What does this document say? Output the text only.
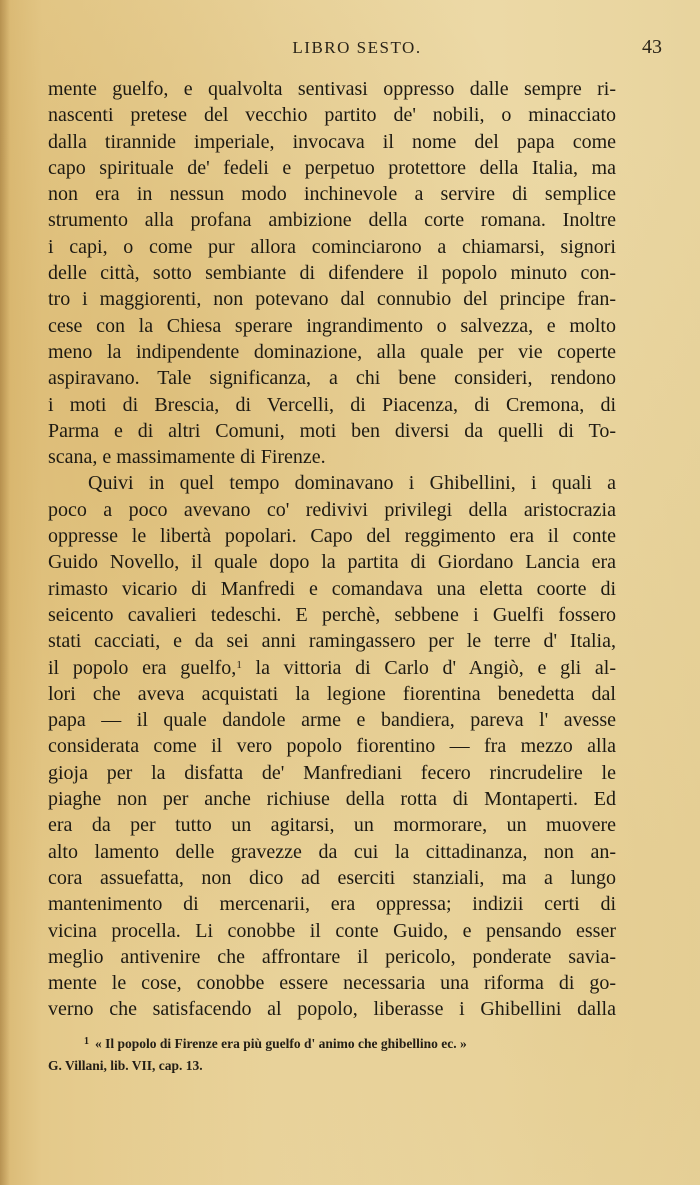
LIBRO SESTO.	43
mente guelfo, e qualvolta sentivasi oppresso dalle sempre ri-
nascenti pretese del vecchio partito de' nobili, o minacciato
dalla tirannide imperiale, invocava il nome del papa come
capo spirituale de' fedeli e perpetuo protettore della Italia, ma
non era in nessun modo inchinevole a servire di semplice
strumento alla profana ambizione della corte romana. Inoltre
i capi, o come pur allora cominciarono a chiamarsi, signori
delle città, sotto sembiante di difendere il popolo minuto con-
tro i maggiorenti, non potevano dal connubio del principe fran-
cese con la Chiesa sperare ingrandimento o salvezza, e molto
meno la indipendente dominazione, alla quale per vie coperte
aspiravano. Tale significanza, a chi bene consideri, rendono
i moti di Brescia, di Vercelli, di Piacenza, di Cremona, di
Parma e di altri Comuni, moti ben diversi da quelli di To-
scana, e massimamente di Firenze.
Quivi in quel tempo dominavano i Ghibellini, i quali a
poco a poco avevano co' redivivi privilegi della aristocrazia
oppresse le libertà popolari. Capo del reggimento era il conte
Guido Novello, il quale dopo la partita di Giordano Lancia era
rimasto vicario di Manfredi e comandava una eletta coorte di
seicento cavalieri tedeschi. E perchè, sebbene i Guelfi fossero
stati cacciati, e da sei anni ramingassero per le terre d' Italia,
il popolo era guelfo,$^1$ la vittoria di Carlo d' Angiò, e gli al-
lori che aveva acquistati la legione fiorentina benedetta dal
papa — il quale dandole arme e bandiera, pareva l' avesse
considerata come il vero popolo fiorentino — fra mezzo alla
gioja per la disfatta de' Manfrediani fecero rincrudelire le
piaghe non per anche richiuse della rotta di Montaperti. Ed
era da per tutto un agitarsi, un mormorare, un muovere
alto lamento delle gravezze da cui la cittadinanza, non an-
cora assuefatta, non dico ad eserciti stanziali, ma a lungo
mantenimento di mercenarii, era oppressa; indizii certi di
vicina procella. Li conobbe il conte Guido, e pensando esser
meglio antivenire che affrontare il pericolo, ponderate savia-
mente le cose, conobbe essere necessaria una riforma di go-
verno che satisfacendo al popolo, liberasse i Ghibellini dalla
$^1$ « Il popolo di Firenze era più guelfo d' animo che ghibellino ec. »
G. Villani, lib. VII, cap. 13.
